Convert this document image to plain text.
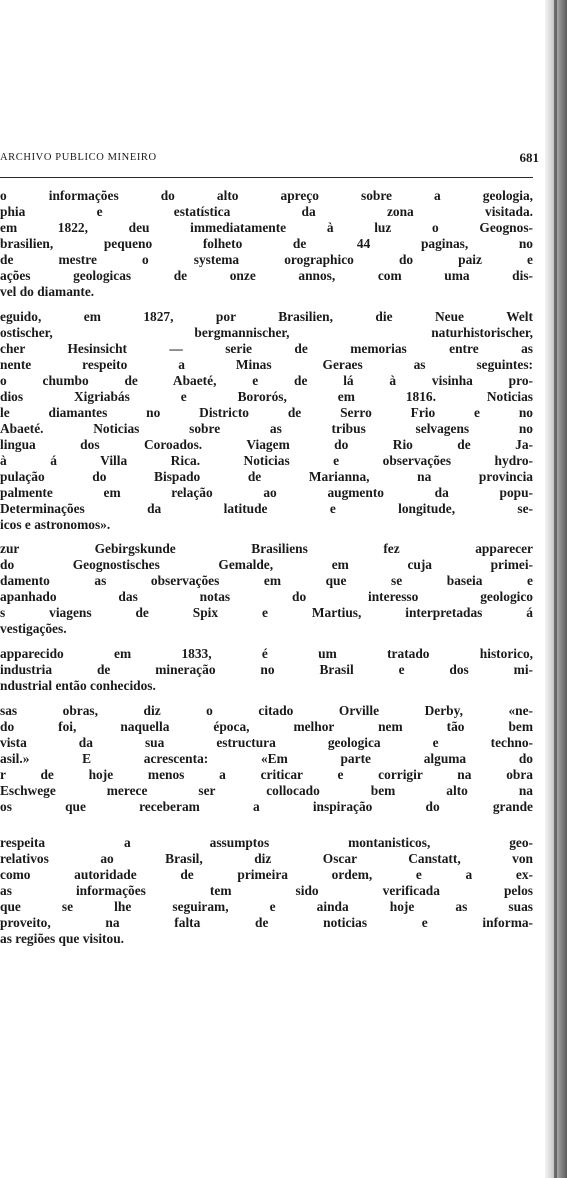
ARCHIVO PUBLICO MINEIRO	681
o informações do alto apreço sobre a geologia,
phia e estatística da zona visitada.
em 1822, deu immediatamente à luz o Geognos-
brasilien, pequeno folheto de 44 paginas, no
de mestre o systema orographico do paiz e
ações geologicas de onze annos, com uma dis-
vel do diamante.
eguido, em 1827, por Brasilien, die Neue Welt
ostischer, bergmannischer, naturhistorischer,
cher Hesinsicht — serie de memorias entre as
nente respeito a Minas Geraes as seguintes:
o chumbo de Abaeté, e de lá à visinha pro-
dios Xigriabás e Bororós, em 1816. Noticias
le diamantes no Districto de Serro Frio e no
Abaeté. Noticias sobre as tribus selvagens no
lingua dos Coroados. Viagem do Rio de Ja-
à á Villa Rica. Noticias e observações hydro-
pulação do Bispado de Marianna, na provincia
palmente em relação ao augmento da popu-
Determinações da latitude e longitude, se-
icos e astronomos».
zur Gebirgskunde Brasiliens fez apparecer
do Geognostisches Gemalde, em cuja primei-
damento as observações em que se baseia e
apanhado das notas do interesso geologico
s viagens de Spix e Martius, interpretadas á
vestigações.
apparecido em 1833, é um tratado historico,
industria de mineração no Brasil e dos mi-
ndustrial então conhecidos.
sas obras, diz o citado Orville Derby, «ne-
do foi, naquella época, melhor nem tão bem
vista da sua estructura geologica e techno-
asil.» E acrescenta: «Em parte alguma do
r de hoje menos a criticar e corrigir na obra
Eschwege merece ser collocado bem alto na
os que receberam a inspiração do grande
respeita a assumptos montanisticos, geo-
relativos ao Brasil, diz Oscar Canstatt, von
como autoridade de primeira ordem, e a ex-
as informações tem sido verificada pelos
que se lhe seguiram, e ainda hoje as suas
proveito, na falta de noticias e informa-
as regiões que visitou.
